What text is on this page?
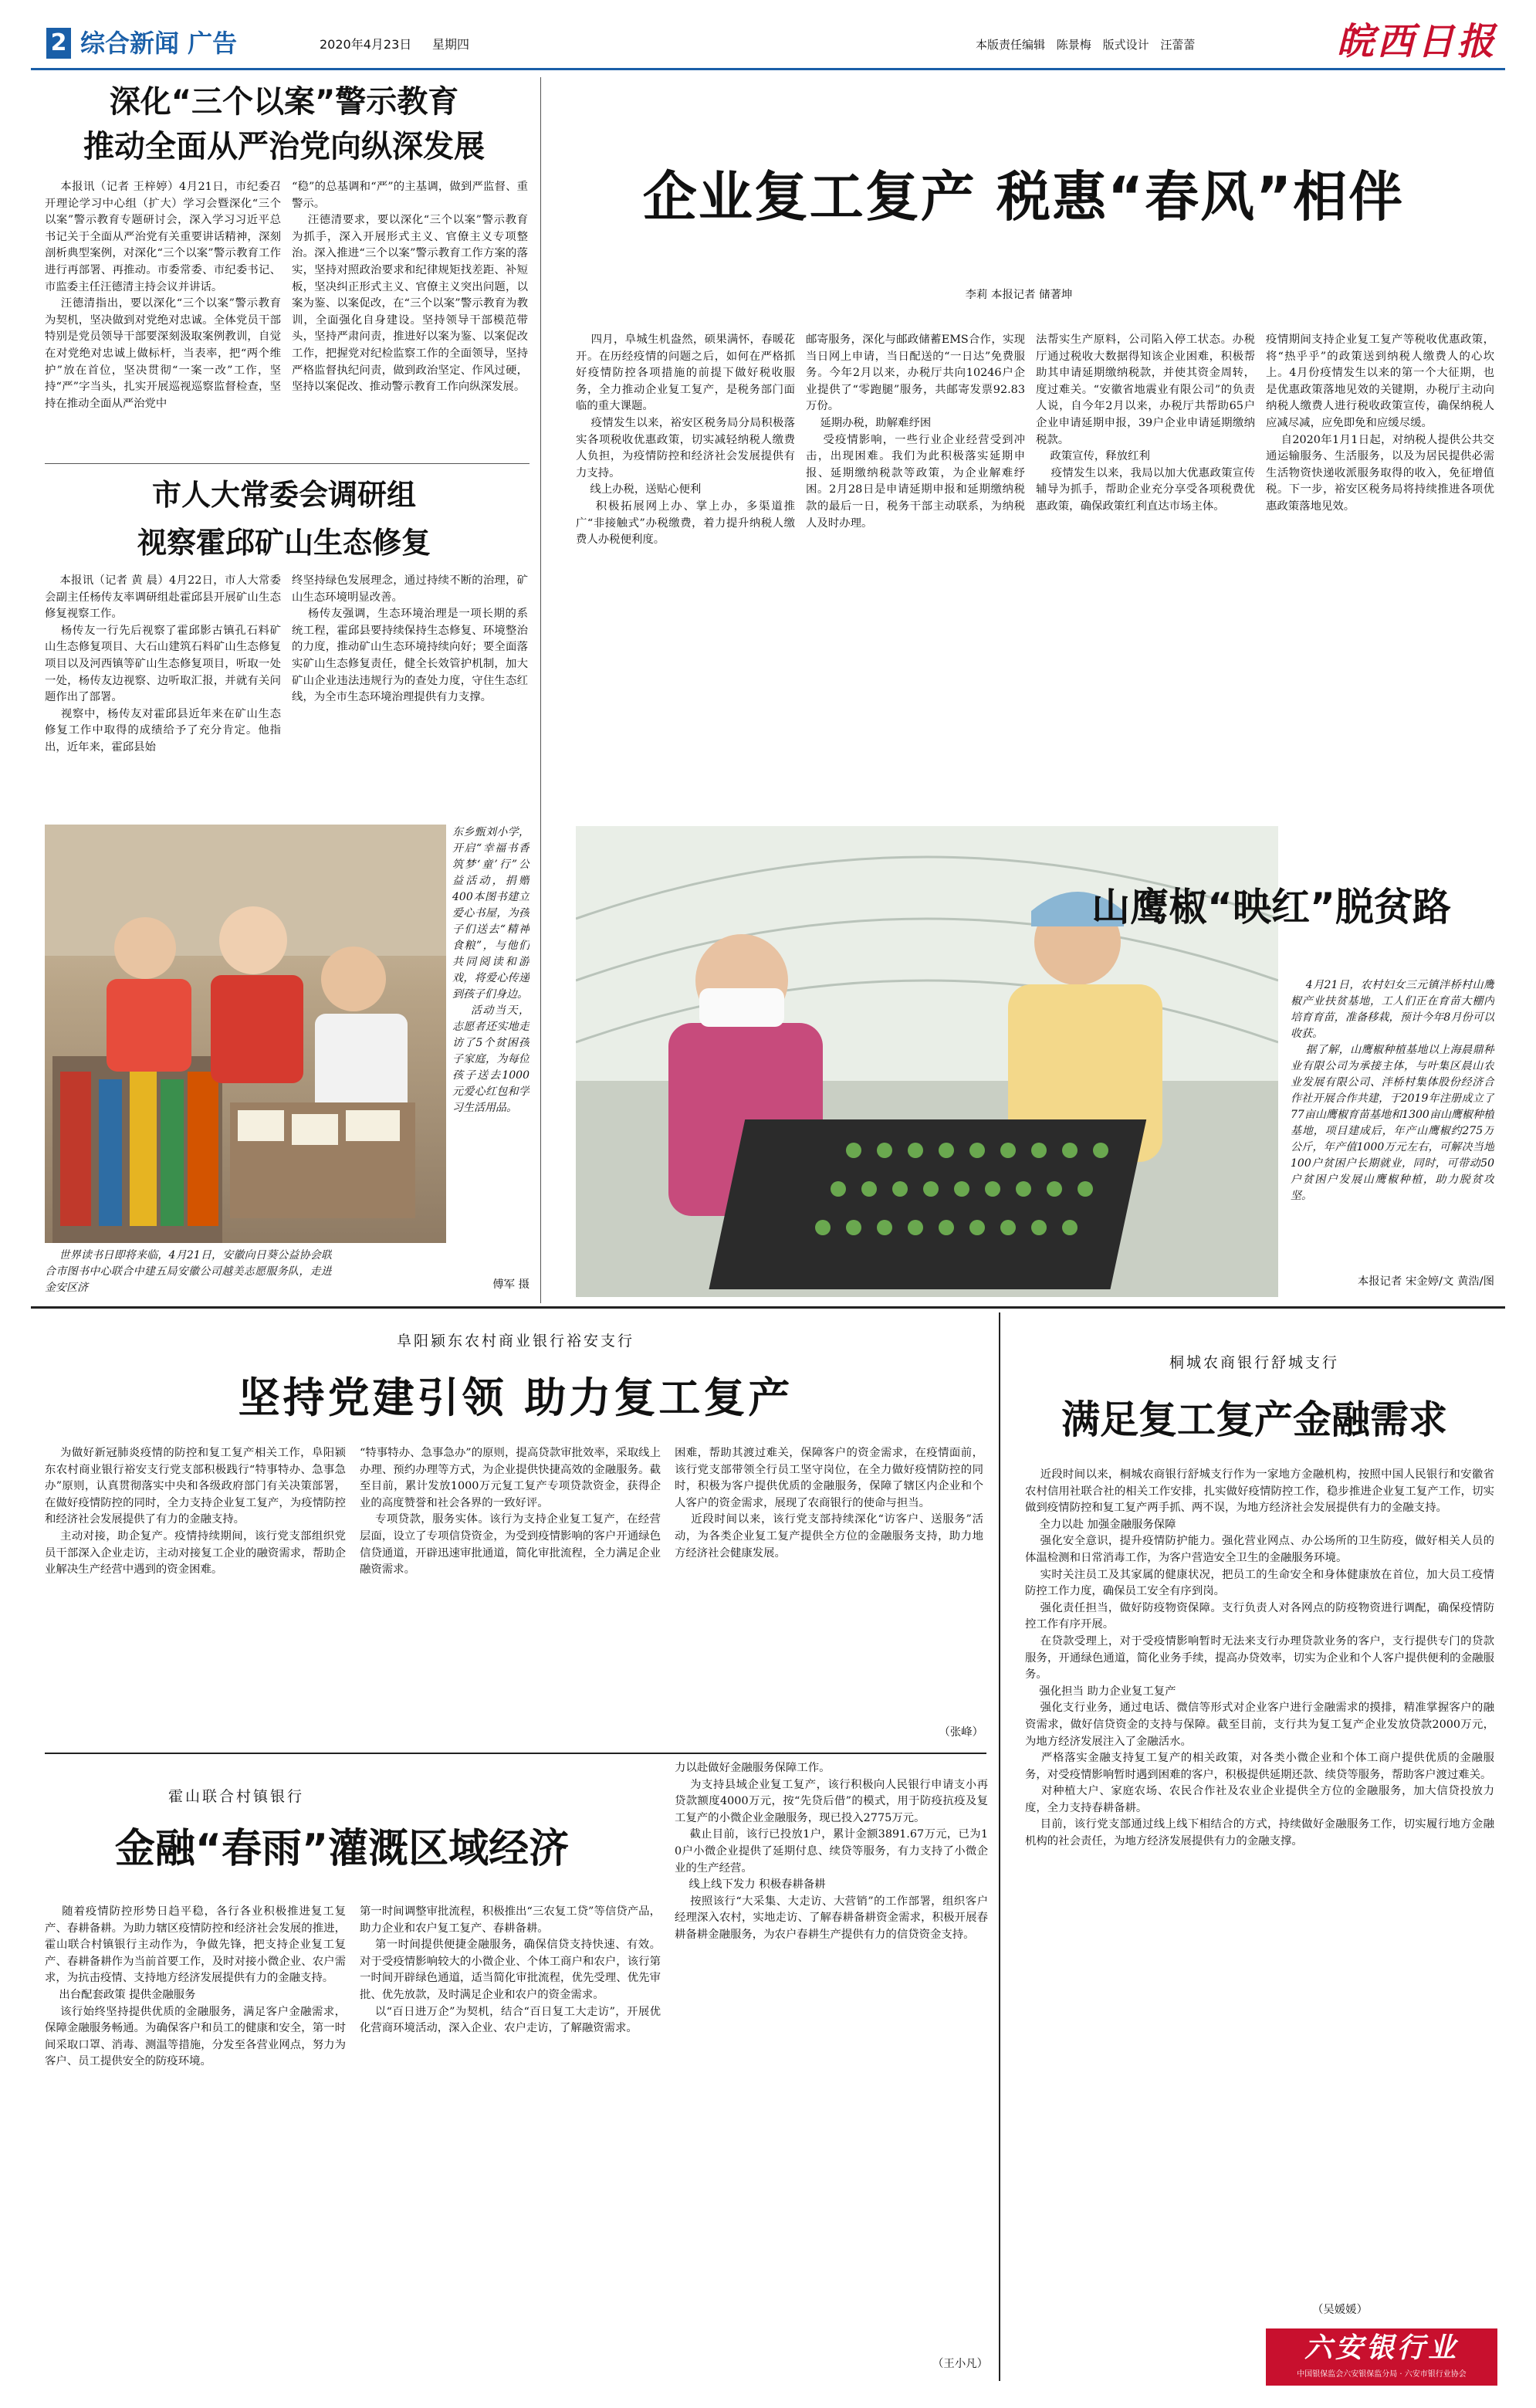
2 综合新闻 广告	2020年4月23日 星期四	本版责任编辑 陈景梅 版式设计 汪蕾蕾	皖西日报
深化“三个以案”警示教育
推动全面从严治党向纵深发展
本报讯（记者 王梓婷）4月21日，市纪委召开理论学习中心组（扩大）学习会暨深化“三个以案”警示教育专题研讨会，深入学习习近平总书记关于全面从严治党有关重要讲话精神，深刻剖析典型案例，对深化“三个以案”警示教育工作进行再部署、再推动。市委常委、市纪委书记、市监委主任汪德清主持会议并讲话。
汪德清指出，要以深化“三个以案”警示教育为契机，坚决做到对党绝对忠诚。全体党员干部特别是党员领导干部要深刻汲取案例教训，自觉在对党绝对忠诚上做标杆，当表率，把“两个维护”放在首位，坚决贯彻“一案一改”工作，坚持“严”字当头，扎实开展巡视巡察监督检查，坚持在推动全面从严治党中
“稳”的总基调和“严”的主基调，做到严监督、重警示。
汪德清要求，要以深化“三个以案”警示教育为抓手，深入开展形式主义、官僚主义专项整治。深入推进“三个以案”警示教育工作方案的落实，坚持对照政治要求和纪律规矩找差距、补短板，坚决纠正形式主义、官僚主义突出问题，以案为鉴、以案促改，在“三个以案”警示教育为教训，全面强化自身建设。坚持领导干部模范带头，坚持严肃问责，推进好以案为鉴、以案促改工作，把握党对纪检监察工作的全面领导，坚持严格监督执纪问责，做到政治坚定、作风过硬，坚持以案促改、推动警示教育工作向纵深发展。
市人大常委会调研组
视察霍邱矿山生态修复
本报讯（记者 黄 晨）4月22日，市人大常委会副主任杨传友率调研组赴霍邱县开展矿山生态修复视察工作。
杨传友一行先后视察了霍邱影古镇孔石料矿山生态修复项目、大石山建筑石料矿山生态修复项目以及河西镇等矿山生态修复项目，听取一处一处，杨传友边视察、边听取汇报，并就有关问题作出了部署。
视察中，杨传友对霍邱县近年来在矿山生态修复工作中取得的成绩给予了充分肯定。他指出，近年来，霍邱县始
终坚持绿色发展理念，通过持续不断的治理，矿山生态环境明显改善。
杨传友强调，生态环境治理是一项长期的系统工程，霍邱县要持续保持生态修复、环境整治的力度，推动矿山生态环境持续向好；要全面落实矿山生态修复责任，健全长效管护机制，加大矿山企业违法违规行为的查处力度，守住生态红线，为全市生态环境治理提供有力支撑。
东乡甄刘小学，开启“幸福书香筑梦‘童’行”公益活动，捐赠400本图书建立爱心书屋，为孩子们送去“精神食粮”，与他们共同阅读和游戏，将爱心传递到孩子们身边。
活动当天，志愿者还实地走访了5个贫困孩子家庭，为每位孩子送去1000元爱心红包和学习生活用品。
世界读书日即将来临，4月21日，安徽向日葵公益协会联合市图书中心联合中建五局安徽公司越美志愿服务队，走进金安区济	傅军 摄
企业复工复产 税惠“春风”相伴
李莉 本报记者 储著坤
四月，阜城生机盎然，硕果满怀，春暖花开。在历经疫情的问题之后，如何在严格抓好疫情防控各项措施的前提下做好税收服务，全力推动企业复工复产，是税务部门面临的重大课题。
疫情发生以来，裕安区税务局分局积极落实各项税收优惠政策，切实减轻纳税人缴费人负担，为疫情防控和经济社会发展提供有力支持。
线上办税，送贴心便利
积极拓展网上办、掌上办，多渠道推广“非接触式”办税缴费，着力提升纳税人缴费人办税便利度。
邮寄服务，深化与邮政储蓄EMS合作，实现当日网上申请，当日配送的“一日达”免费服务。今年2月以来，办税厅共向10246户企业提供了“零跑腿”服务，共邮寄发票92.83万份。
延期办税，助解难纾困
受疫情影响，一些行业企业经营受到冲击，出现困难。我们为此积极落实延期申报、延期缴纳税款等政策，为企业解难纾困。2月28日是申请延期申报和延期缴纳税款的最后一日，税务干部主动联系，为纳税人及时办理。
法帮实生产原料，公司陷入停工状态。办税厅通过税收大数据得知该企业困难，积极帮助其申请延期缴纳税款，并使其资金周转，度过难关。“安徽省地震业有限公司”的负责人说，自今年2月以来，办税厅共帮助65户企业申请延期申报，39户企业申请延期缴纳税款。
政策宣传，释放红利
疫情发生以来，我局以加大优惠政策宣传辅导为抓手，帮助企业充分享受各项税费优惠政策，确保政策红利直达市场主体。
疫情期间支持企业复工复产等税收优惠政策，将“热乎乎”的政策送到纳税人缴费人的心坎上。4月份疫情发生以来的第一个大征期，也是优惠政策落地见效的关键期，办税厅主动向纳税人缴费人进行税收政策宣传，确保纳税人应减尽减，应免即免和应缓尽缓。
自2020年1月1日起，对纳税人提供公共交通运输服务、生活服务，以及为居民提供必需生活物资快递收派服务取得的收入，免征增值税。下一步，裕安区税务局将持续推进各项优惠政策落地见效。
山鹰椒“映红”脱贫路
4月21日，农村妇女三元镇泮桥村山鹰椒产业扶贫基地，工人们正在育苗大棚内培育育苗，准备移栽，预计今年8月份可以收获。
据了解，山鹰椒种植基地以上海晨鼎种业有限公司为承接主体，与叶集区晨山农业发展有限公司、泮桥村集体股份经济合作社开展合作共建，于2019年注册成立了77亩山鹰椒育苗基地和1300亩山鹰椒种植基地，项目建成后，年产山鹰椒约275万公斤，年产值1000万元左右，可解决当地100户贫困户长期就业，同时，可带动50户贫困户发展山鹰椒种植，助力脱贫攻坚。
本报记者 宋金婷/文 黄浩/图
阜阳颍东农村商业银行裕安支行
坚持党建引领 助力复工复产
为做好新冠肺炎疫情的防控和复工复产相关工作，阜阳颍东农村商业银行裕安支行党支部积极践行“特事特办、急事急办”原则，认真贯彻落实中央和各级政府部门有关决策部署，在做好疫情防控的同时，全力支持企业复工复产，为疫情防控和经济社会发展提供了有力的金融支持。
主动对接，助企复产。疫情持续期间，该行党支部组织党员干部深入企业走访，主动对接复工企业的融资需求，帮助企业解决生产经营中遇到的资金困难。
“特事特办、急事急办”的原则，提高贷款审批效率，采取线上办理、预约办理等方式，为企业提供快捷高效的金融服务。截至目前，累计发放1000万元复工复产专项贷款资金，获得企业的高度赞誉和社会各界的一致好评。
专项贷款，服务实体。该行为支持企业复工复产，在经营层面，设立了专项信贷资金，为受到疫情影响的客户开通绿色信贷通道，开辟迅速审批通道，简化审批流程，全力满足企业融资需求。
困难，帮助其渡过难关，保障客户的资金需求，在疫情面前，该行党支部带领全行员工坚守岗位，在全力做好疫情防控的同时，积极为客户提供优质的金融服务，保障了辖区内企业和个人客户的资金需求，展现了农商银行的使命与担当。
近段时间以来，该行党支部持续深化“访客户、送服务”活动，为各类企业复工复产提供全方位的金融服务支持，助力地方经济社会健康发展。
（张峰）
桐城农商银行舒城支行
满足复工复产金融需求
近段时间以来，桐城农商银行舒城支行作为一家地方金融机构，按照中国人民银行和安徽省农村信用社联合社的相关工作安排，扎实做好疫情防控工作，稳步推进企业复工复产工作，切实做到疫情防控和复工复产两手抓、两不误，为地方经济社会发展提供有力的金融支持。
全力以赴 加强金融服务保障
强化安全意识，提升疫情防护能力。强化营业网点、办公场所的卫生防疫，做好相关人员的体温检测和日常消毒工作，为客户营造安全卫生的金融服务环境。
实时关注员工及其家属的健康状况，把员工的生命安全和身体健康放在首位，加大员工疫情防控工作力度，确保员工安全有序到岗。
强化责任担当，做好防疫物资保障。支行负责人对各网点的防疫物资进行调配，确保疫情防控工作有序开展。
在贷款受理上，对于受疫情影响暂时无法来支行办理贷款业务的客户，支行提供专门的贷款服务，开通绿色通道，简化业务手续，提高办贷效率，切实为企业和个人客户提供便利的金融服务。
强化担当 助力企业复工复产
强化支行业务，通过电话、微信等形式对企业客户进行金融需求的摸排，精准掌握客户的融资需求，做好信贷资金的支持与保障。截至目前，支行共为复工复产企业发放贷款2000万元，为地方经济发展注入了金融活水。
严格落实金融支持复工复产的相关政策，对各类小微企业和个体工商户提供优质的金融服务，对受疫情影响暂时遇到困难的客户，积极提供延期还款、续贷等服务，帮助客户渡过难关。
对种植大户、家庭农场、农民合作社及农业企业提供全方位的金融服务，加大信贷投放力度，全力支持春耕备耕。
目前，该行党支部通过线上线下相结合的方式，持续做好金融服务工作，切实履行地方金融机构的社会责任，为地方经济发展提供有力的金融支撑。
（吴媛媛）
霍山联合村镇银行
金融“春雨”灌溉区域经济
随着疫情防控形势日趋平稳，各行各业积极推进复工复产、春耕备耕。为助力辖区疫情防控和经济社会发展的推进，霍山联合村镇银行主动作为，争做先锋，把支持企业复工复产、春耕备耕作为当前首要工作，及时对接小微企业、农户需求，为抗击疫情、支持地方经济发展提供有力的金融支持。
出台配套政策 提供金融服务
该行始终坚持提供优质的金融服务，满足客户金融需求，保障金融服务畅通。为确保客户和员工的健康和安全，第一时间采取口罩、消毒、测温等措施，分发至各营业网点，努力为客户、员工提供安全的防疫环境。
第一时间调整审批流程，积极推出“三农复工贷”等信贷产品，助力企业和农户复工复产、春耕备耕。
第一时间提供便捷金融服务，确保信贷支持快速、有效。对于受疫情影响较大的小微企业、个体工商户和农户，该行第一时间开辟绿色通道，适当简化审批流程，优先受理、优先审批、优先放款，及时满足企业和农户的资金需求。
以“百日进万企”为契机，结合“百日复工大走访”，开展优化营商环境活动，深入企业、农户走访，了解融资需求。
力以赴做好金融服务保障工作。
为支持县域企业复工复产，该行积极向人民银行申请支小再贷款额度4000万元，按“先贷后借”的模式，用于防疫抗疫及复工复产的小微企业金融服务，现已投入2775万元。
截止目前，该行已投放1户，累计金额3891.67万元，已为10户小微企业提供了延期付息、续贷等服务，有力支持了小微企业的生产经营。
线上线下发力 积极春耕备耕
按照该行“大采集、大走访、大营销”的工作部署，组织客户经理深入农村，实地走访、了解春耕备耕资金需求，积极开展春耕备耕金融服务，为农户春耕生产提供有力的信贷资金支持。
（王小凡）	六安银行业
中国银保监会六安银保监分局 · 六安市银行业协会
